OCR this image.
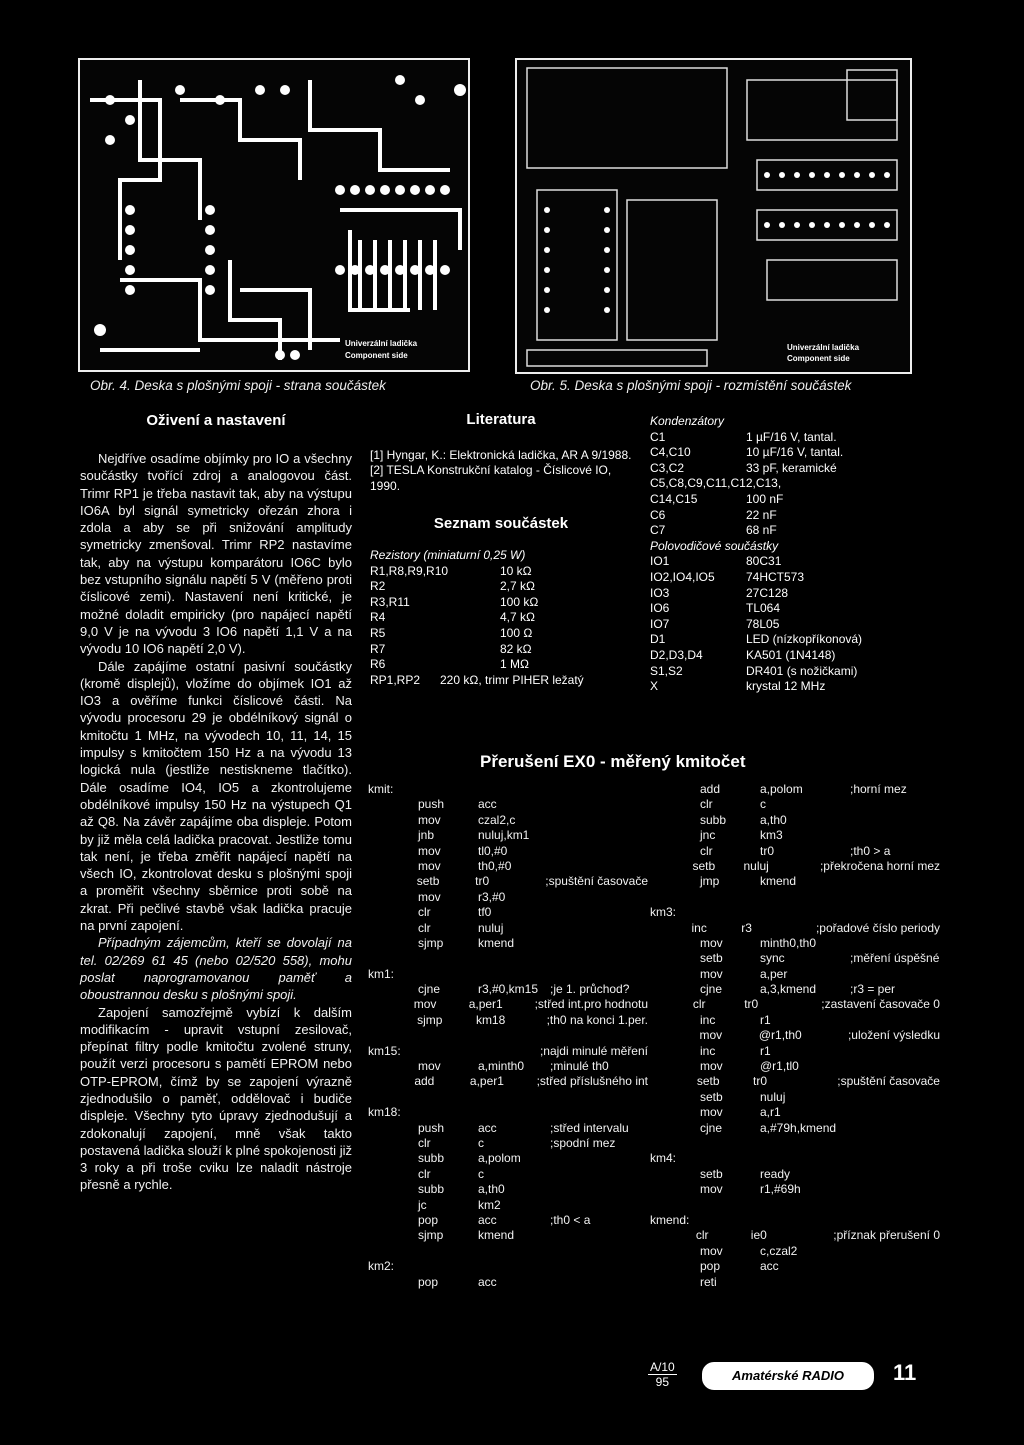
Univerzální ladička
Component side
Obr. 4. Deska s plošnými spoji - strana součástek
Univerzální ladička
Component side
Obr. 5. Deska s plošnými spoji - rozmístění součástek
Oživení a nastavení

Nejdříve osadíme objímky pro IO a všechny součástky tvořící zdroj a analogovou část. Trimr RP1 je třeba nastavit tak, aby na výstupu IO6A byl signál symetricky ořezán zhora i zdola a aby se při snižování amplitudy symetricky zmenšoval. Trimr RP2 nastavíme tak, aby na výstupu komparátoru IO6C bylo bez vstupního signálu napětí 5 V (měřeno proti číslicové zemi). Nastavení není kritické, je možné doladit empiricky (pro napájecí napětí 9,0 V je na vývodu 3 IO6 napětí 1,1 V a na vývodu 10 IO6 napětí 2,0 V).

Dále zapájíme ostatní pasivní součástky (kromě displejů), vložíme do objímek IO1 až IO3 a ověříme funkci číslicové části. Na vývodu procesoru 29 je obdélníkový signál o kmitočtu 1 MHz, na vývodech 10, 11, 14, 15 impulsy s kmitočtem 150 Hz a na vývodu 13 logická nula (jestliže nestiskneme tlačítko). Dále osadíme IO4, IO5 a zkontrolujeme obdélníkové impulsy 150 Hz na výstupech Q1 až Q8. Na závěr zapájíme oba displeje. Potom by již měla celá ladička pracovat. Jestliže tomu tak není, je třeba změřit napájecí napětí na všech IO, zkontrolovat desku s plošnými spoji a proměřit všechny sběrnice proti sobě na zkrat. Při pečlivé stavbě však ladička pracuje na první zapojení.

Případným zájemcům, kteří se dovolají na tel. 02/269 61 45 (nebo 02/520 558), mohu poslat naprogramovanou paměť a oboustrannou desku s plošnými spoji.

Zapojení samozřejmě vybízí k dalším modifikacím - upravit vstupní zesilovač, přepínat filtry podle kmitočtu zvolené struny, použít verzi procesoru s pamětí EPROM nebo OTP-EPROM, čímž by se zapojení výrazně zjednodušilo o paměť, oddělovač i budiče displeje. Všechny tyto úpravy zjednodušují a zdokonalují zapojení, mně však takto postavená ladička slouží k plné spokojenosti již 3 roky a při troše cviku lze naladit nástroje přesně a rychle.

Literatura
[1] Hyngar, K.: Elektronická ladička, AR A 9/1988.
[2] TESLA Konstrukční katalog - Číslicové IO, 1990.
Seznam součástek
Rezistory (miniaturní 0,25 W)
R1,R8,R9,R10	10 kΩ
R2	2,7 kΩ
R3,R11	100 kΩ
R4	4,7 kΩ
R5	100 Ω
R7	82 kΩ
R6	1 MΩ
RP1,RP2	220 kΩ, trimr PIHER ležatý
Kondenzátory
C1	1 µF/16 V, tantal.
C4,C10	10 µF/16 V, tantal.
C3,C2	33 pF, keramické
C5,C8,C9,C11,C12,C13,
C14,C15	100 nF
C6	22 nF
C7	68 nF
Polovodičové součástky
IO1	80C31
IO2,IO4,IO5	74HCT573
IO3	27C128
IO6	TL064
IO7	78L05
D1	LED (nízkopříkonová)
D2,D3,D4	KA501 (1N4148)
S1,S2	DR401 (s nožičkami)
X	krystal 12 MHz
Přerušení EX0 - měřený kmitočet
kmit:
push	acc
mov	czal2,c
jnb	nuluj,km1
mov	tl0,#0
mov	th0,#0
setb	tr0	;spuštění časovače
mov	r3,#0
clr	tf0
clr	nuluj
sjmp	kmend
km1:
cjne	r3,#0,km15 ;je 1. průchod?
mov	a,per1	;střed int.pro hodnotu
sjmp	km18	;th0 na konci 1.per.
km15:	;najdi minulé měření
mov	a,minth0	;minulé th0
add	a,per1	;střed příslušného int
km18:
push	acc	;střed intervalu
clr	c	;spodní mez
subb	a,polom
clr	c
subb	a,th0
jc	km2
pop	acc	;th0 < a
sjmp	kmend
km2:
pop	acc
add	a,polom	;horní mez
clr	c
subb	a,th0
jnc	km3
clr	tr0	;th0 > a
setb	nuluj	;překročena horní mez
jmp	kmend
km3:
inc	r3	;pořadové číslo periody
mov	minth0,th0
setb	sync	;měření úspěšné
mov	a,per
cjne	a,3,kmend	;r3 = per
clr	tr0	;zastavení časovače 0
inc	r1
mov	@r1,th0	;uložení výsledku
inc	r1
mov	@r1,tl0
setb	tr0	;spuštění časovače
setb	nuluj
mov	a,r1
cjne	a,#79h,kmend
km4:
setb	ready
mov	r1,#69h
kmend:
clr	ie0	;příznak přerušení 0
mov	c,czal2
pop	acc
reti
A/10
95	Amatérské RADIO	11
